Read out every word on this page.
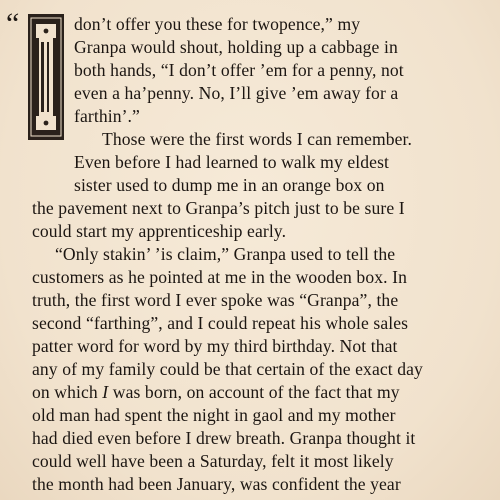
I
“	don’t offer you these for twopence,” my
Granpa would shout, holding up a cabbage in
both hands, “I don’t offer ’em for a penny, not
even a ha’penny. No, I’ll give ’em away for a
farthin’.”
Those were the first words I can remember.
Even before I had learned to walk my eldest
sister used to dump me in an orange box on
the pavement next to Granpa’s pitch just to be sure I
could start my apprenticeship early.
“Only stakin’ ’is claim,” Granpa used to tell the
customers as he pointed at me in the wooden box. In
truth, the first word I ever spoke was “Granpa”, the
second “farthing”, and I could repeat his whole sales
patter word for word by my third birthday. Not that
any of my family could be that certain of the exact day
on which I was born, on account of the fact that my
old man had spent the night in gaol and my mother
had died even before I drew breath. Granpa thought it
could well have been a Saturday, felt it most likely
the month had been January, was confident the year
